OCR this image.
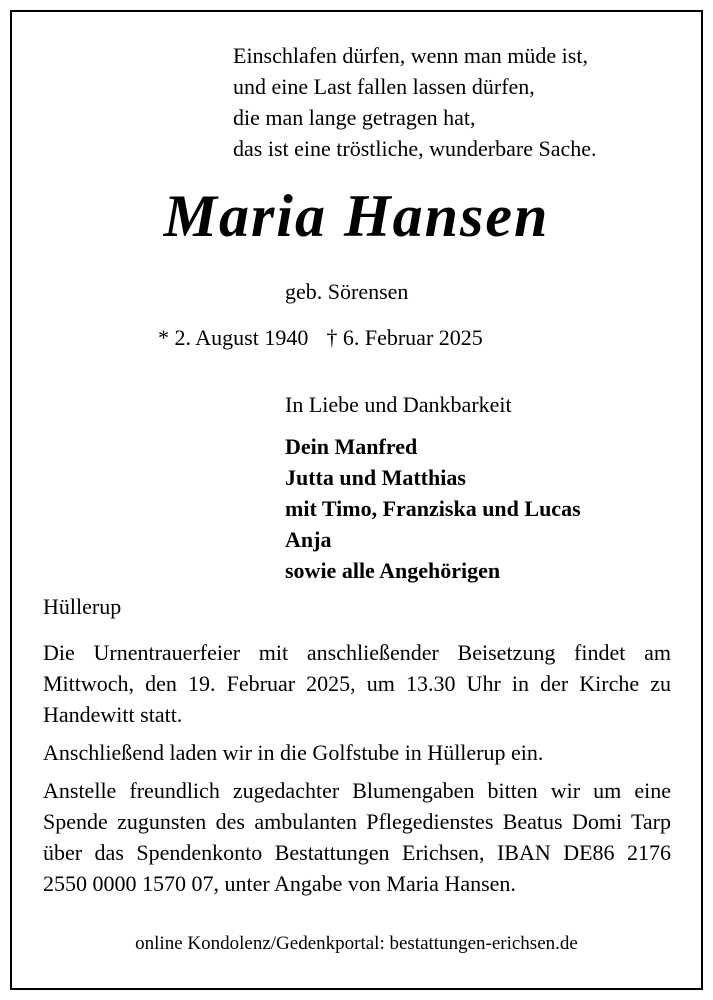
Einschlafen dürfen, wenn man müde ist,
und eine Last fallen lassen dürfen,
die man lange getragen hat,
das ist eine tröstliche, wunderbare Sache.
Maria Hansen
geb. Sörensen
* 2. August 1940 † 6. Februar 2025
In Liebe und Dankbarkeit
Dein Manfred
Jutta und Matthias
mit Timo, Franziska und Lucas
Anja
sowie alle Angehörigen
Hüllerup

Die Urnentrauerfeier mit anschließender Beisetzung findet am Mittwoch, den 19. Februar 2025, um 13.30 Uhr in der Kirche zu Handewitt statt.

Anschließend laden wir in die Golfstube in Hüllerup ein.

Anstelle freundlich zugedachter Blumengaben bitten wir um eine Spende zugunsten des ambulanten Pflegedienstes Beatus Domi Tarp über das Spendenkonto Bestattungen Erichsen, IBAN DE86 2176 2550 0000 1570 07, unter Angabe von Maria Hansen.

online Kondolenz/Gedenkportal: bestattungen-erichsen.de
